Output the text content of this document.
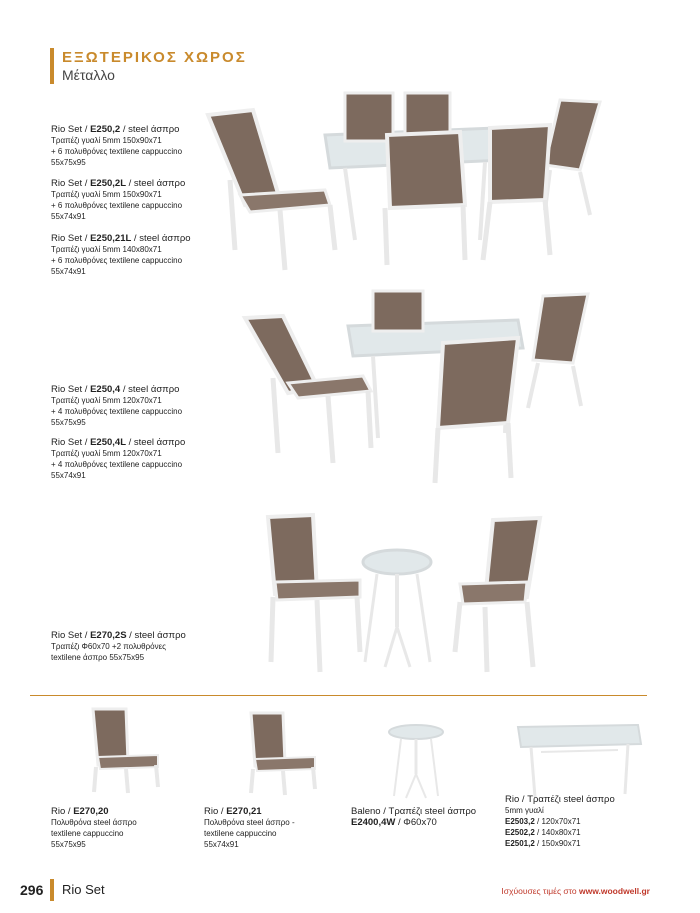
ΕΞΩΤΕΡΙΚΟΣ ΧΩΡΟΣ
Μέταλλο
Rio Set / E250,2 / steel άσπρο
Τραπέζι γυαλί 5mm 150x90x71
+ 6 πολυθρόνες textilene cappuccino
55x75x95
Rio Set / E250,2L / steel άσπρο
Τραπέζι γυαλί 5mm 150x90x71
+ 6 πολυθρόνες textilene cappuccino
55x74x91
Rio Set / E250,21L / steel άσπρο
Τραπέζι γυαλί 5mm 140x80x71
+ 6 πολυθρόνες textilene cappuccino
55x74x91
Rio Set / E250,4 / steel άσπρο
Τραπέζι γυαλί 5mm 120x70x71
+ 4 πολυθρόνες textilene cappuccino
55x75x95
Rio Set / E250,4L / steel άσπρο
Τραπέζι γυαλί 5mm 120x70x71
+ 4 πολυθρόνες textilene cappuccino
55x74x91
Rio Set / E270,2S / steel άσπρο
Τραπέζι Φ60x70 +2 πολυθρόνες
textilene άσπρο 55x75x95
Rio / E270,20
Πολυθρόνα steel άσπρο
textilene cappuccino
55x75x95
Rio / E270,21
Πολυθρόνα steel άσπρο -
textilene cappuccino
55x74x91
Baleno / Τραπέζι steel άσπρο
E2400,4W / Φ60x70
Rio / Τραπέζι steel άσπρο
5mm γυαλί
E2503,2 / 120x70x71
E2502,2 / 140x80x71
E2501,2 / 150x90x71
296	Rio Set	Ισχύουσες τιμές στο www.woodwell.gr
